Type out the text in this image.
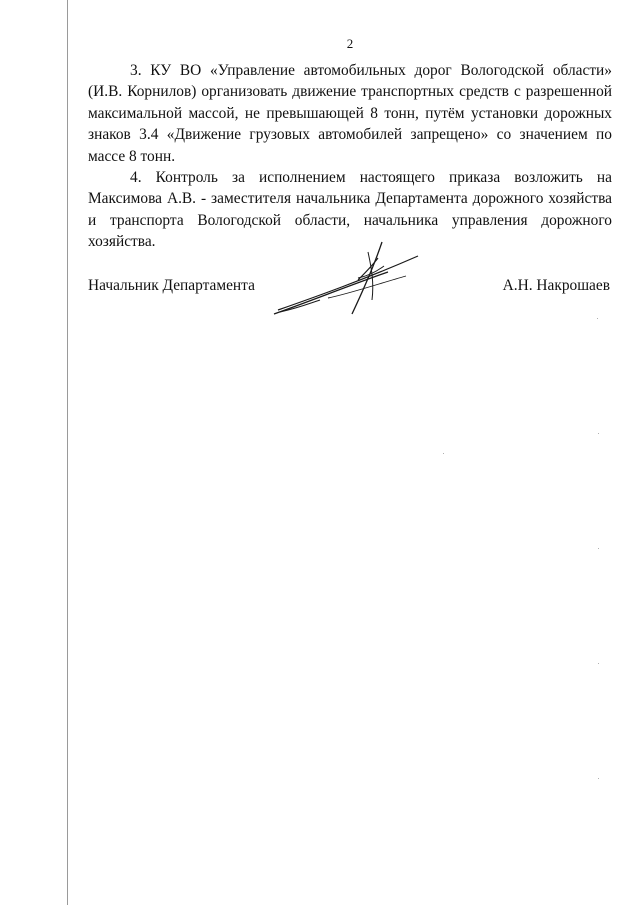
2

3. КУ ВО «Управление автомобильных дорог Вологодской области» (И.В. Корнилов) организовать движение транспортных средств с разрешенной максимальной массой, не превышающей 8 тонн, путём установки дорожных знаков 3.4 «Движение грузовых автомобилей запрещено» со значением по массе 8 тонн.

4. Контроль за исполнением настоящего приказа возложить на Максимова А.В. - заместителя начальника Департамента дорожного хозяйства и транспорта Вологодской области, начальника управления дорожного хозяйства.

Начальник Департамента	А.Н. Накрошаев
